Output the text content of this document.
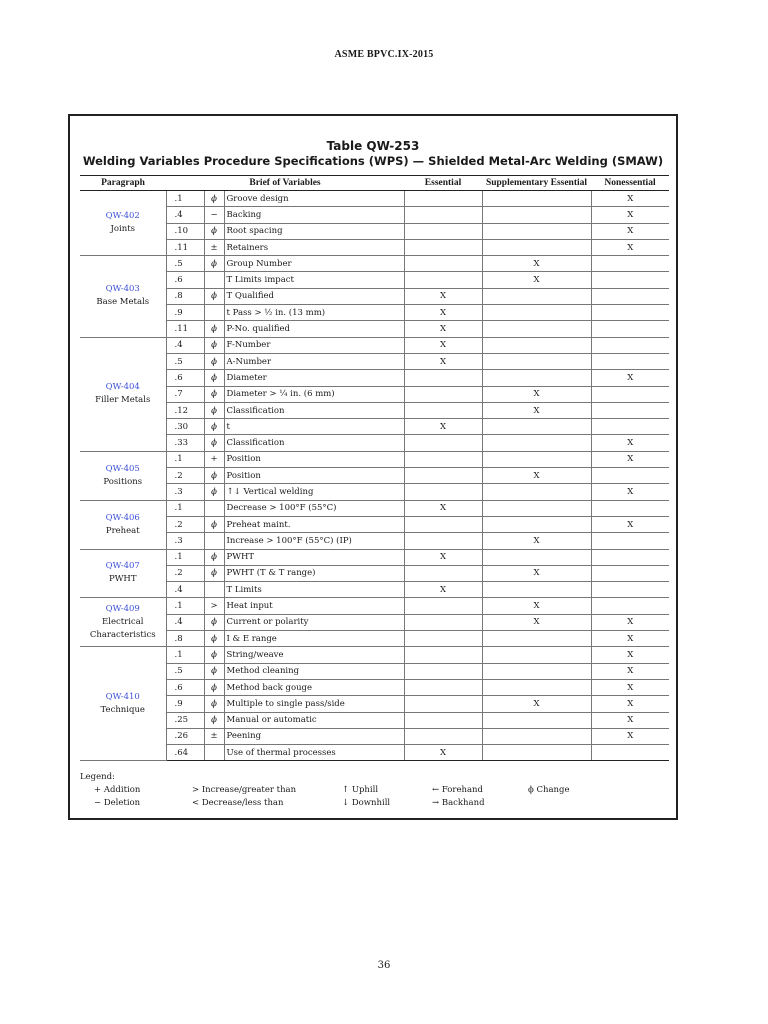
ASME BPVC.IX-2015
Table QW-253
Welding Variables Procedure Specifications (WPS) — Shielded Metal-Arc Welding (SMAW)
Paragraph	Brief of Variables			Essential	Supplementary Essential	Nonessential

QW-402
Joints	.1	ϕ	Groove design			X
	.4	−	Backing			X
	.10	ϕ	Root spacing			X
	.11	±	Retainers			X

QW-403
Base Metals	.5	ϕ	Group Number		X	
	.6		T Limits impact		X	
	.8	ϕ	T Qualified	X		
	.9		t Pass > ½ in. (13 mm)	X		
	.11	ϕ	P-No. qualified	X		

QW-404
Filler Metals	.4	ϕ	F-Number	X		
	.5	ϕ	A-Number	X		
	.6	ϕ	Diameter			X
	.7	ϕ	Diameter > ¼ in. (6 mm)		X	
	.12	ϕ	Classification		X	
	.30	ϕ	t	X		
	.33	ϕ	Classification			X

QW-405
Positions	.1	+	Position			X
	.2	ϕ	Position		X	
	.3	ϕ	↑↓ Vertical welding			X

QW-406
Preheat	.1		Decrease > 100°F (55°C)	X		
	.2	ϕ	Preheat maint.			X
	.3		Increase > 100°F (55°C) (IP)		X	

QW-407
PWHT	.1	ϕ	PWHT	X		
	.2	ϕ	PWHT (T & T range)		X	
	.4		T Limits	X		

QW-409
Electrical Characteristics	.1	>	Heat input		X	
	.4	ϕ	Current or polarity		X	X
	.8	ϕ	I & E range			X

QW-410
Technique	.1	ϕ	String/weave			X
	.5	ϕ	Method cleaning			X
	.6	ϕ	Method back gouge			X
	.9	ϕ	Multiple to single pass/side		X	X
	.25	ϕ	Manual or automatic			X
	.26	±	Peening			X
	.64		Use of thermal processes	X		
Legend:
+ Addition	> Increase/greater than	↑ Uphill	← Forehand	ϕ Change
− Deletion	< Decrease/less than	↓ Downhill	→ Backhand
36
